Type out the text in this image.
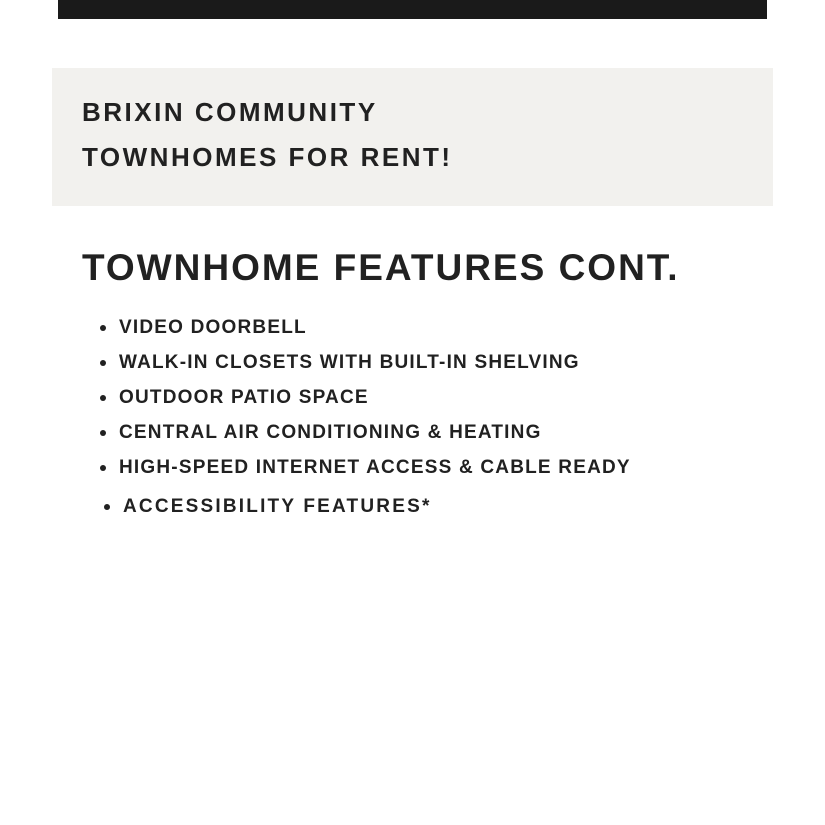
BRIXIN COMMUNITY
TOWNHOMES FOR RENT!
TOWNHOME FEATURES CONT.
VIDEO DOORBELL
WALK-IN CLOSETS WITH BUILT-IN SHELVING
OUTDOOR PATIO SPACE
CENTRAL AIR CONDITIONING & HEATING
HIGH-SPEED INTERNET ACCESS & CABLE READY
ACCESSIBILITY FEATURES*
